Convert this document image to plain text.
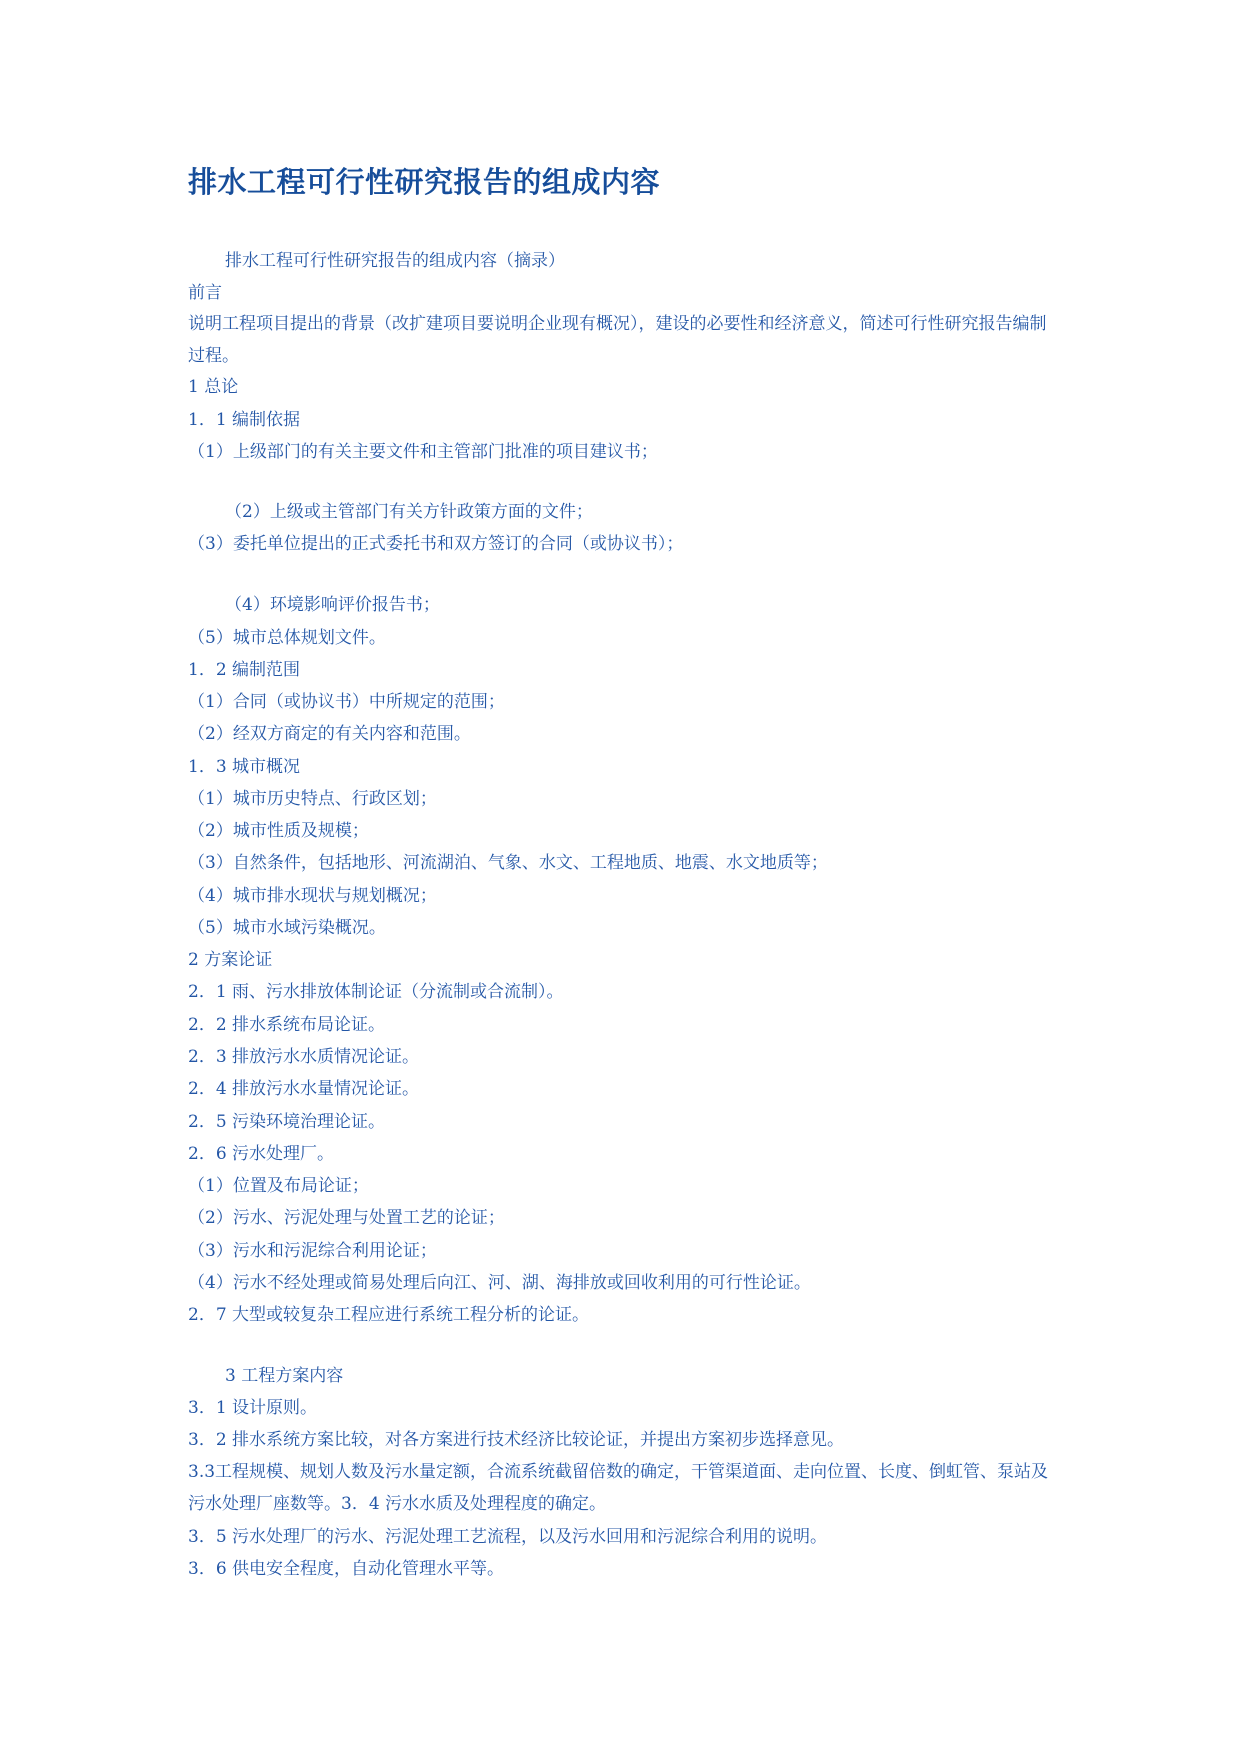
排水工程可行性研究报告的组成内容

排水工程可行性研究报告的组成内容（摘录）

前言

说明工程项目提出的背景（改扩建项目要说明企业现有概况），建设的必要性和经济意义，简述可行性研究报告编制过程。

1 总论

1．1 编制依据

（1）上级部门的有关主要文件和主管部门批准的项目建议书；

（2）上级或主管部门有关方针政策方面的文件；

（3）委托单位提出的正式委托书和双方签订的合同（或协议书）；

（4）环境影响评价报告书；

（5）城市总体规划文件。

1．2 编制范围

（1）合同（或协议书）中所规定的范围；

（2）经双方商定的有关内容和范围。

1．3 城市概况

（1）城市历史特点、行政区划；

（2）城市性质及规模；

（3）自然条件，包括地形、河流湖泊、气象、水文、工程地质、地震、水文地质等；

（4）城市排水现状与规划概况；

（5）城市水域污染概况。

2 方案论证

2．1 雨、污水排放体制论证（分流制或合流制）。

2．2 排水系统布局论证。

2．3 排放污水水质情况论证。

2．4 排放污水水量情况论证。

2．5 污染环境治理论证。

2．6 污水处理厂。

（1）位置及布局论证；

（2）污水、污泥处理与处置工艺的论证；

（3）污水和污泥综合利用论证；

（4）污水不经处理或简易处理后向江、河、湖、海排放或回收利用的可行性论证。

2．7 大型或较复杂工程应进行系统工程分析的论证。

3 工程方案内容

3．1 设计原则。

3．2 排水系统方案比较，对各方案进行技术经济比较论证，并提出方案初步选择意见。

3.3工程规模、规划人数及污水量定额，合流系统截留倍数的确定，干管渠道面、走向位置、长度、倒虹管、泵站及污水处理厂座数等。3．4 污水水质及处理程度的确定。

3．5 污水处理厂的污水、污泥处理工艺流程，以及污水回用和污泥综合利用的说明。

3．6 供电安全程度，自动化管理水平等。
